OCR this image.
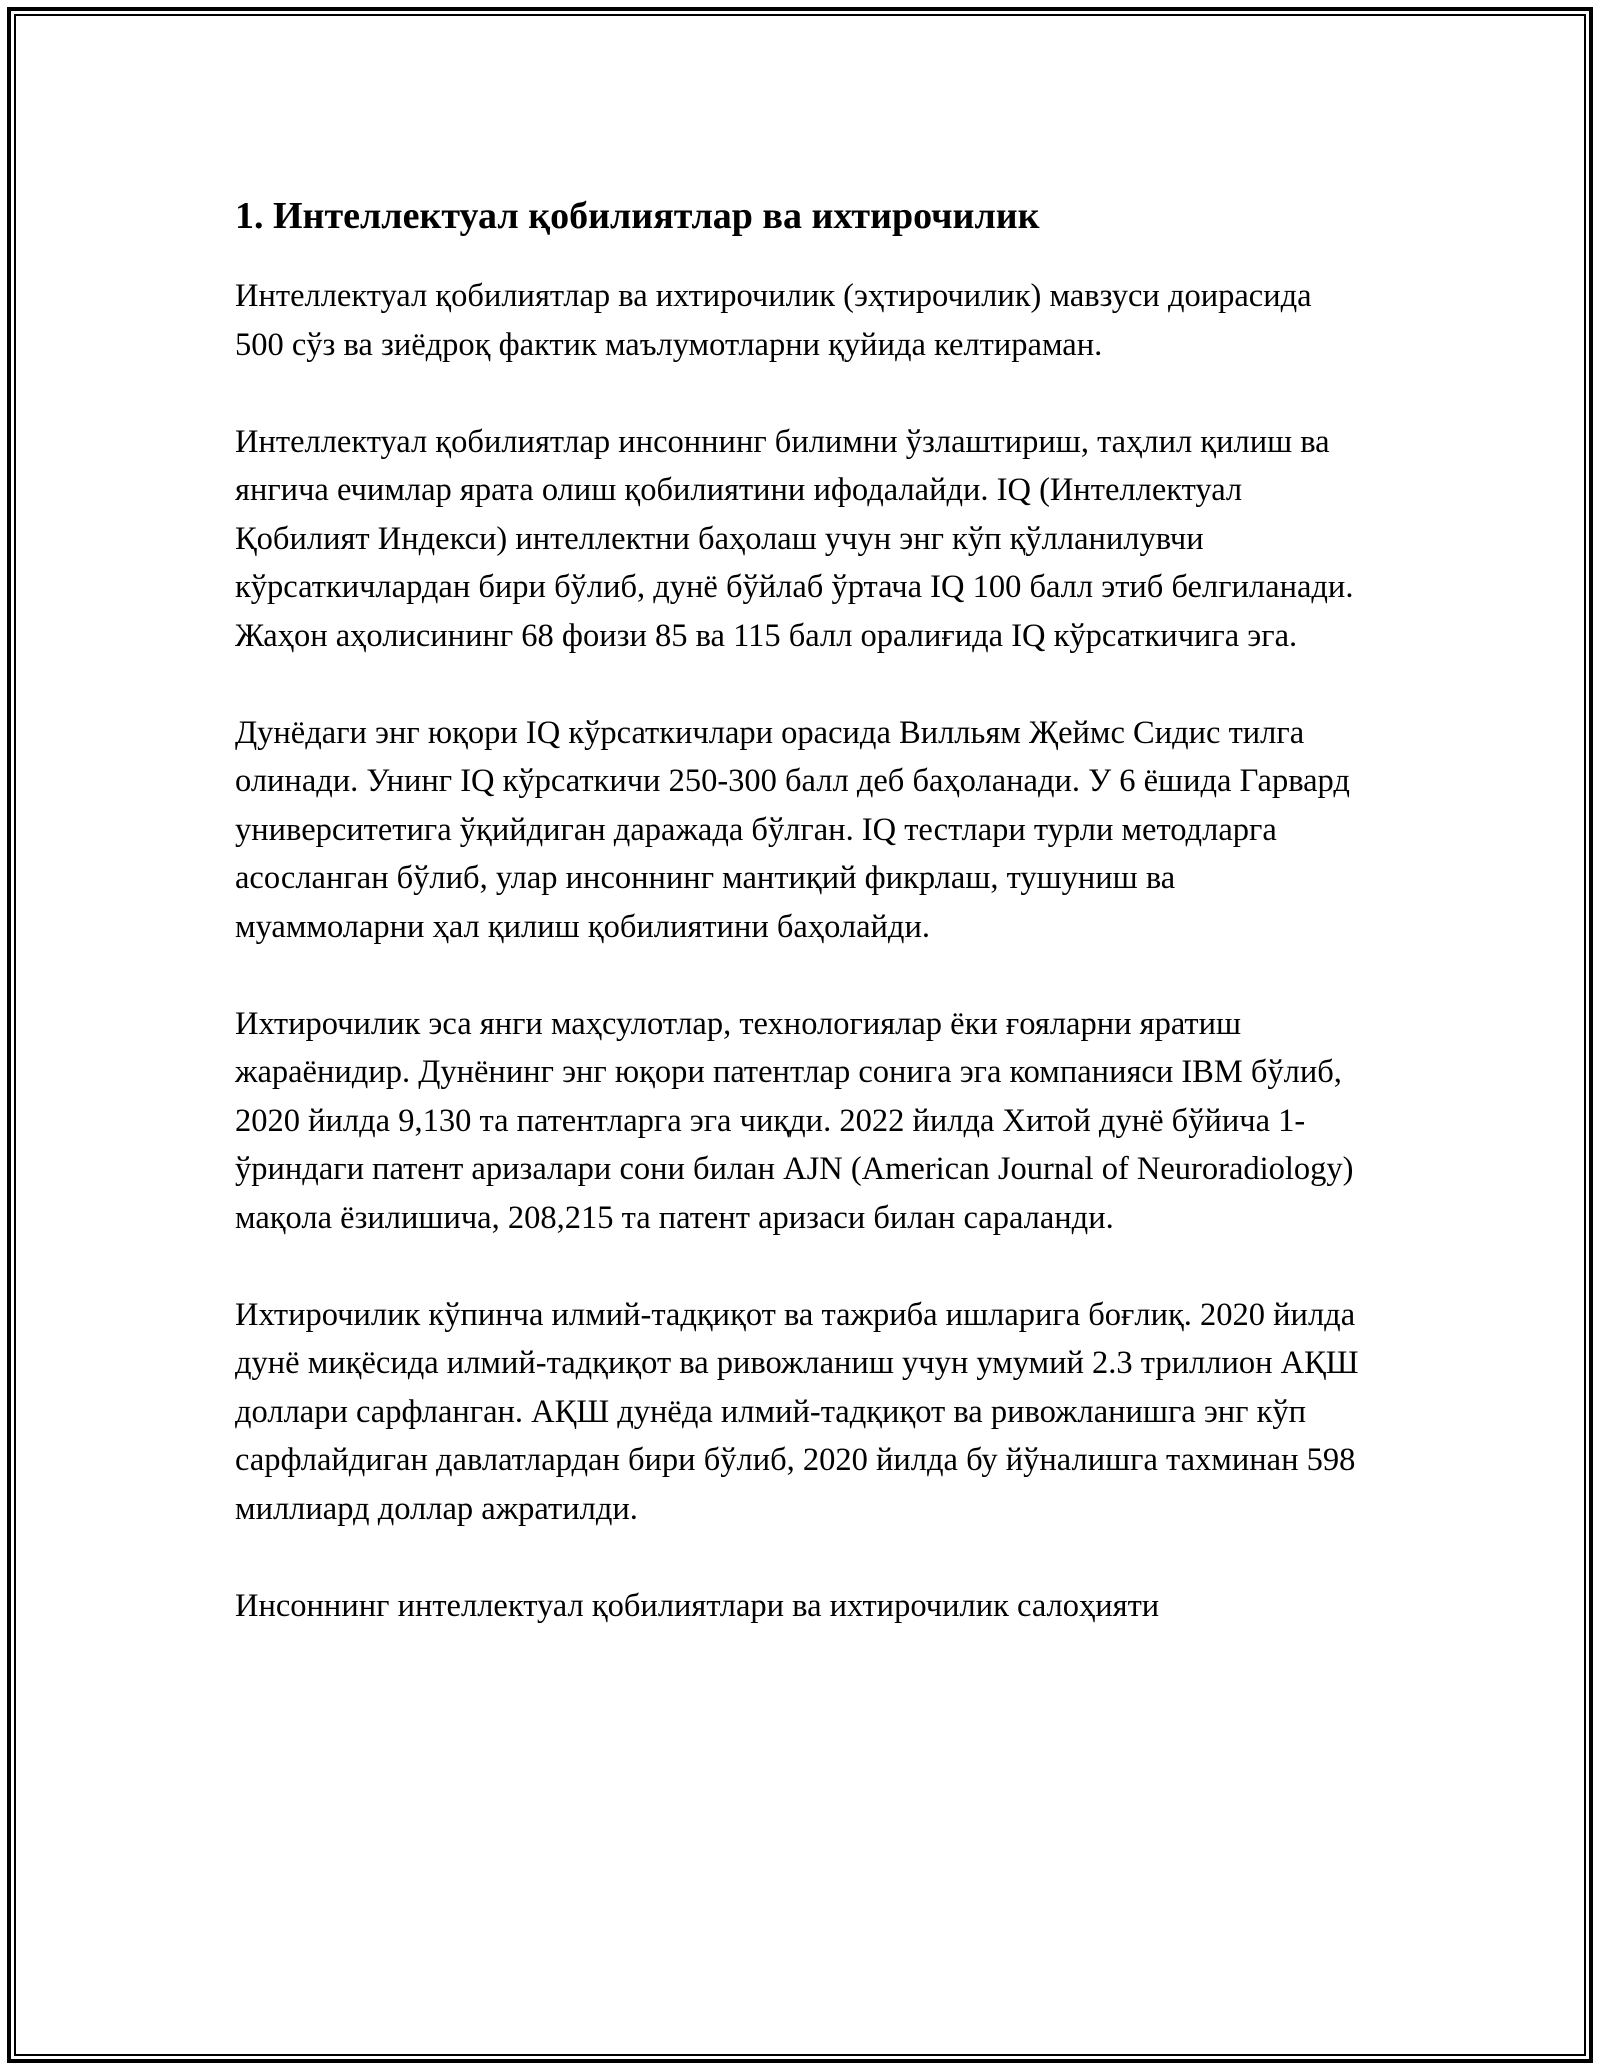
1. Интеллектуал қобилиятлар ва ихтирочилик

Интеллектуал қобилиятлар ва ихтирочилик (эҳтирочилик) мавзуси доирасида 500 сўз ва зиёдроқ фактик маълумотларни қуйида келтираман.

Интеллектуал қобилиятлар инсоннинг билимни ўзлаштириш, таҳлил қилиш ва янгича ечимлар ярата олиш қобилиятини ифодалайди. IQ (Интеллектуал Қобилият Индекси) интеллектни баҳолаш учун энг кўп қўлланилувчи кўрсаткичлардан бири бўлиб, дунё бўйлаб ўртача IQ 100 балл этиб белгиланади. Жаҳон аҳолисининг 68 фоизи 85 ва 115 балл оралиғида IQ кўрсаткичига эга.

Дунёдаги энг юқори IQ кўрсаткичлари орасида Вилльям Җеймс Сидис тилга олинади. Унинг IQ кўрсаткичи 250-300 балл деб баҳоланади. У 6 ёшида Гарвард университетига ўқийдиган даражада бўлган. IQ тестлари турли методларга асосланган бўлиб, улар инсоннинг мантиқий фикрлаш, тушуниш ва муаммоларни ҳал қилиш қобилиятини баҳолайди.

Ихтирочилик эса янги маҳсулотлар, технологиялар ёки ғояларни яратиш жараёнидир. Дунёнинг энг юқори патентлар сонига эга компанияси IBM бўлиб, 2020 йилда 9,130 та патентларга эга чиқди. 2022 йилда Хитой дунё бўйича 1-ўриндаги патент аризалари сони билан AJN (American Journal of Neuroradiology) мақола ёзилишича, 208,215 та патент аризаси билан сараланди.

Ихтирочилик кўпинча илмий-тадқиқот ва тажриба ишларига боғлиқ. 2020 йилда дунё миқёсида илмий-тадқиқот ва ривожланиш учун умумий 2.3 триллион АҚШ доллари сарфланган. АҚШ дунёда илмий-тадқиқот ва ривожланишга энг кўп сарфлайдиган давлатлардан бири бўлиб, 2020 йилда бу йўналишга тахминан 598 миллиард доллар ажратилди.

Инсоннинг интеллектуал қобилиятлари ва ихтирочилик салоҳияти
